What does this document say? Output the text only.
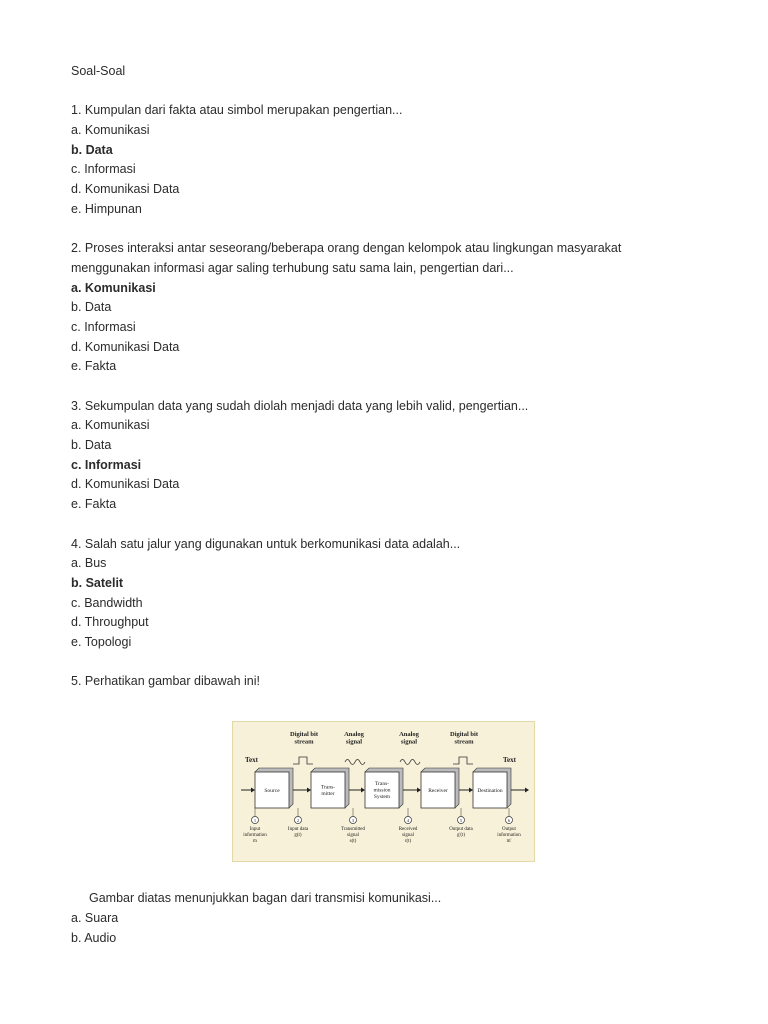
Soal-Soal
1. Kumpulan dari fakta atau simbol merupakan pengertian...
a. Komunikasi
b. Data
c. Informasi
d. Komunikasi Data
e. Himpunan
2. Proses interaksi antar seseorang/beberapa orang dengan kelompok atau lingkungan masyarakat
menggunakan informasi agar saling terhubung satu sama lain, pengertian dari...
a. Komunikasi
b. Data
c. Informasi
d. Komunikasi Data
e. Fakta
3. Sekumpulan data yang sudah diolah menjadi data yang lebih valid, pengertian...
a. Komunikasi
b. Data
c. Informasi
d. Komunikasi Data
e. Fakta
4. Salah satu jalur yang digunakan untuk berkomunikasi data adalah...
a. Bus
b. Satelit
c. Bandwidth
d. Throughput
e. Topologi
5. Perhatikan gambar dibawah ini!
Digital bit stream
Analog signal
Analog signal
Digital bit stream
Text	Text
Source
Trans-mitter
Trans-mission System
Receiver	Destination
1
Input information m
2
Input data g(t)
3
Transmitted signal s(t)
4
Received signal r(t)
5
Output data g'(t)
6
Output information m'
Gambar diatas menunjukkan bagan dari transmisi komunikasi...
a. Suara
b. Audio
